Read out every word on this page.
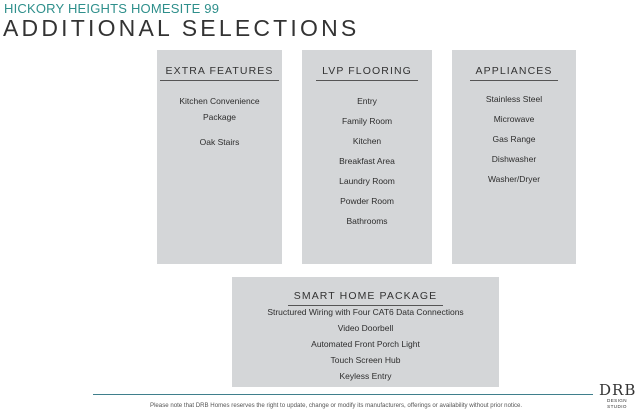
HICKORY HEIGHTS HOMESITE 99
ADDITIONAL SELECTIONS
EXTRA FEATURES
Kitchen Convenience
Package
Oak Stairs
LVP FLOORING
Entry
Family Room
Kitchen
Breakfast Area
Laundry Room
Powder Room
Bathrooms
APPLIANCES
Stainless Steel
Microwave
Gas Range
Dishwasher
Washer/Dryer
SMART HOME PACKAGE
Structured Wiring with Four CAT6 Data Connections
Video Doorbell
Automated Front Porch Light
Touch Screen Hub
Keyless Entry
DRB
DESIGN STUDIO
Please note that DRB Homes reserves the right to update, change or modify its manufacturers, offerings or availability without prior notice.
